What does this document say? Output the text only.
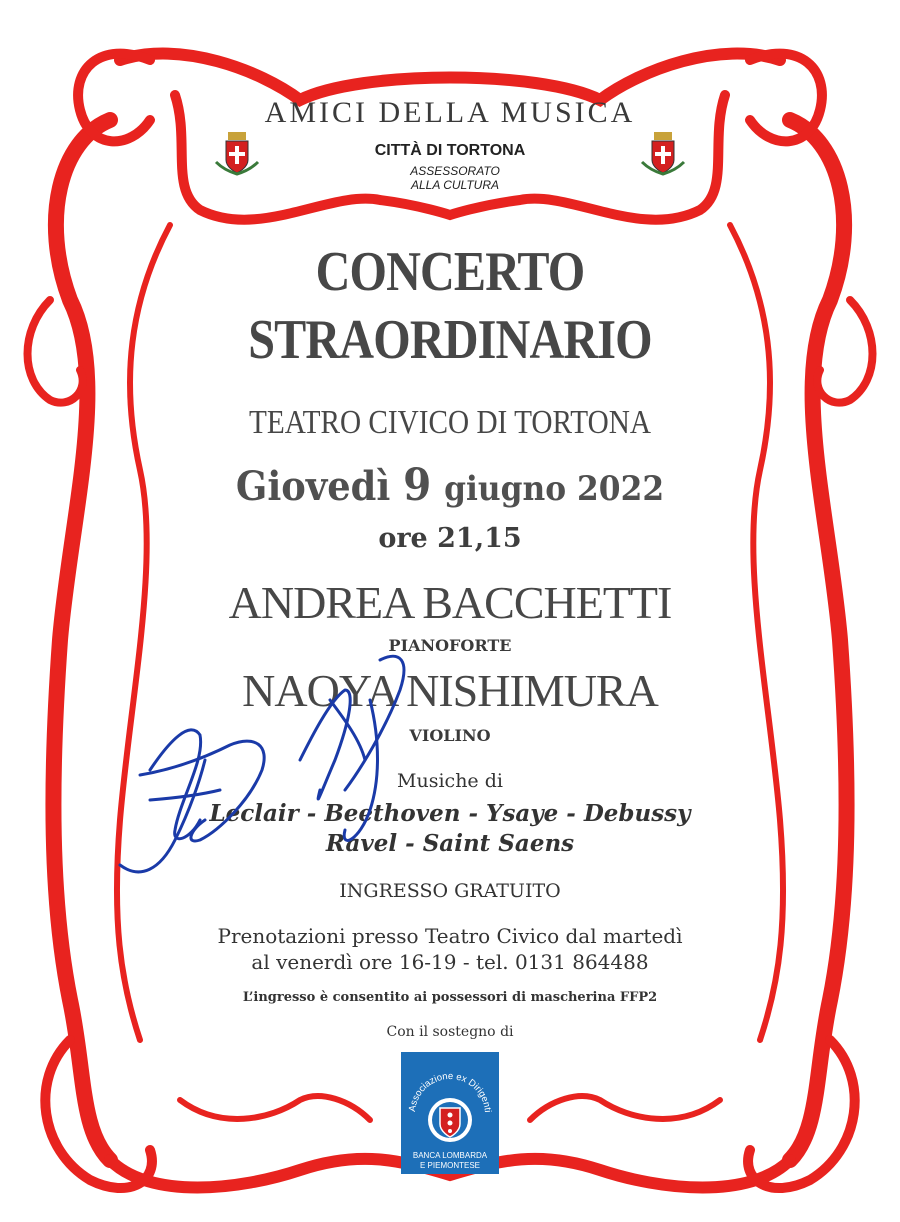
AMICI DELLA MUSICA
CITTÀ DI TORTONA
ASSESSORATO ALLA CULTURA
CONCERTO
STRAORDINARIO
TEATRO CIVICO DI TORTONA
Giovedì 9 giugno 2022
ore 21,15
ANDREA BACCHETTI
PIANOFORTE
NAOYA NISHIMURA
VIOLINO
Musiche di
Leclair - Beethoven - Ysaye - Debussy
Ravel - Saint Saens
INGRESSO GRATUITO
Prenotazioni presso Teatro Civico dal martedì
al venerdì ore 16-19 - tel. 0131 864488
L’ingresso è consentito ai possessori di mascherina FFP2
Con il sostegno di
Associazione ex Dirigenti
BANCA LOMBARDA
E PIEMONTESE
